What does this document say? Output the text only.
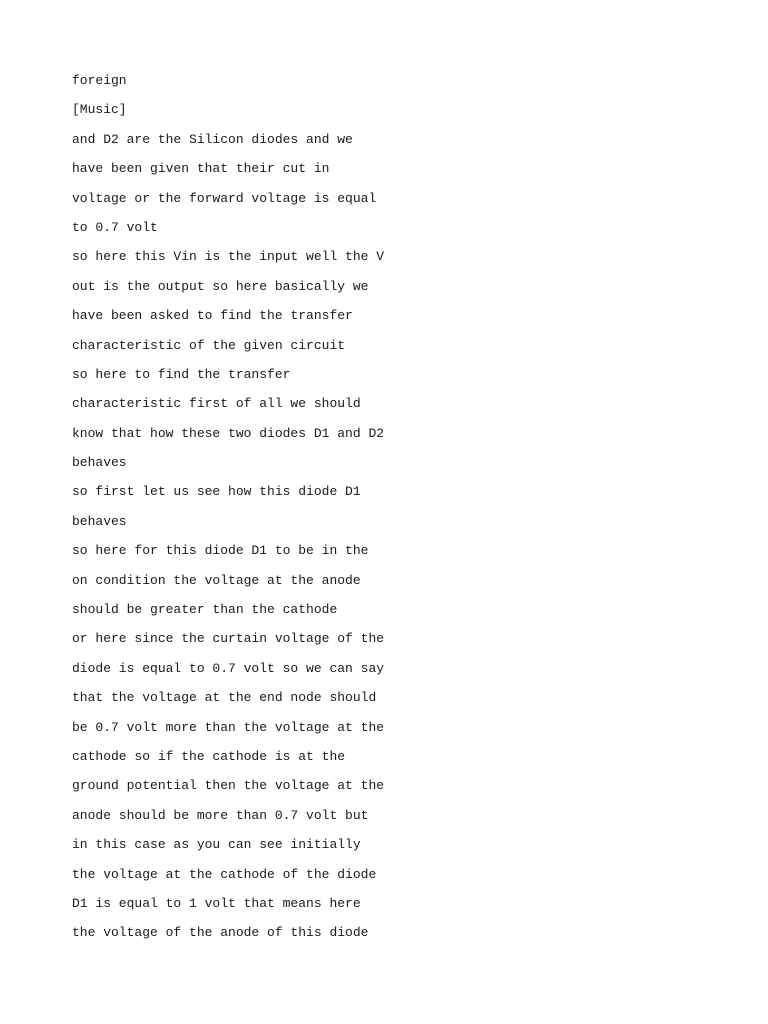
foreign
[Music]
and D2 are the Silicon diodes and we
have been given that their cut in
voltage or the forward voltage is equal
to 0.7 volt
so here this Vin is the input well the V
out is the output so here basically we
have been asked to find the transfer
characteristic of the given circuit
so here to find the transfer
characteristic first of all we should
know that how these two diodes D1 and D2
behaves
so first let us see how this diode D1
behaves
so here for this diode D1 to be in the
on condition the voltage at the anode
should be greater than the cathode
or here since the curtain voltage of the
diode is equal to 0.7 volt so we can say
that the voltage at the end node should
be 0.7 volt more than the voltage at the
cathode so if the cathode is at the
ground potential then the voltage at the
anode should be more than 0.7 volt but
in this case as you can see initially
the voltage at the cathode of the diode
D1 is equal to 1 volt that means here
the voltage of the anode of this diode
